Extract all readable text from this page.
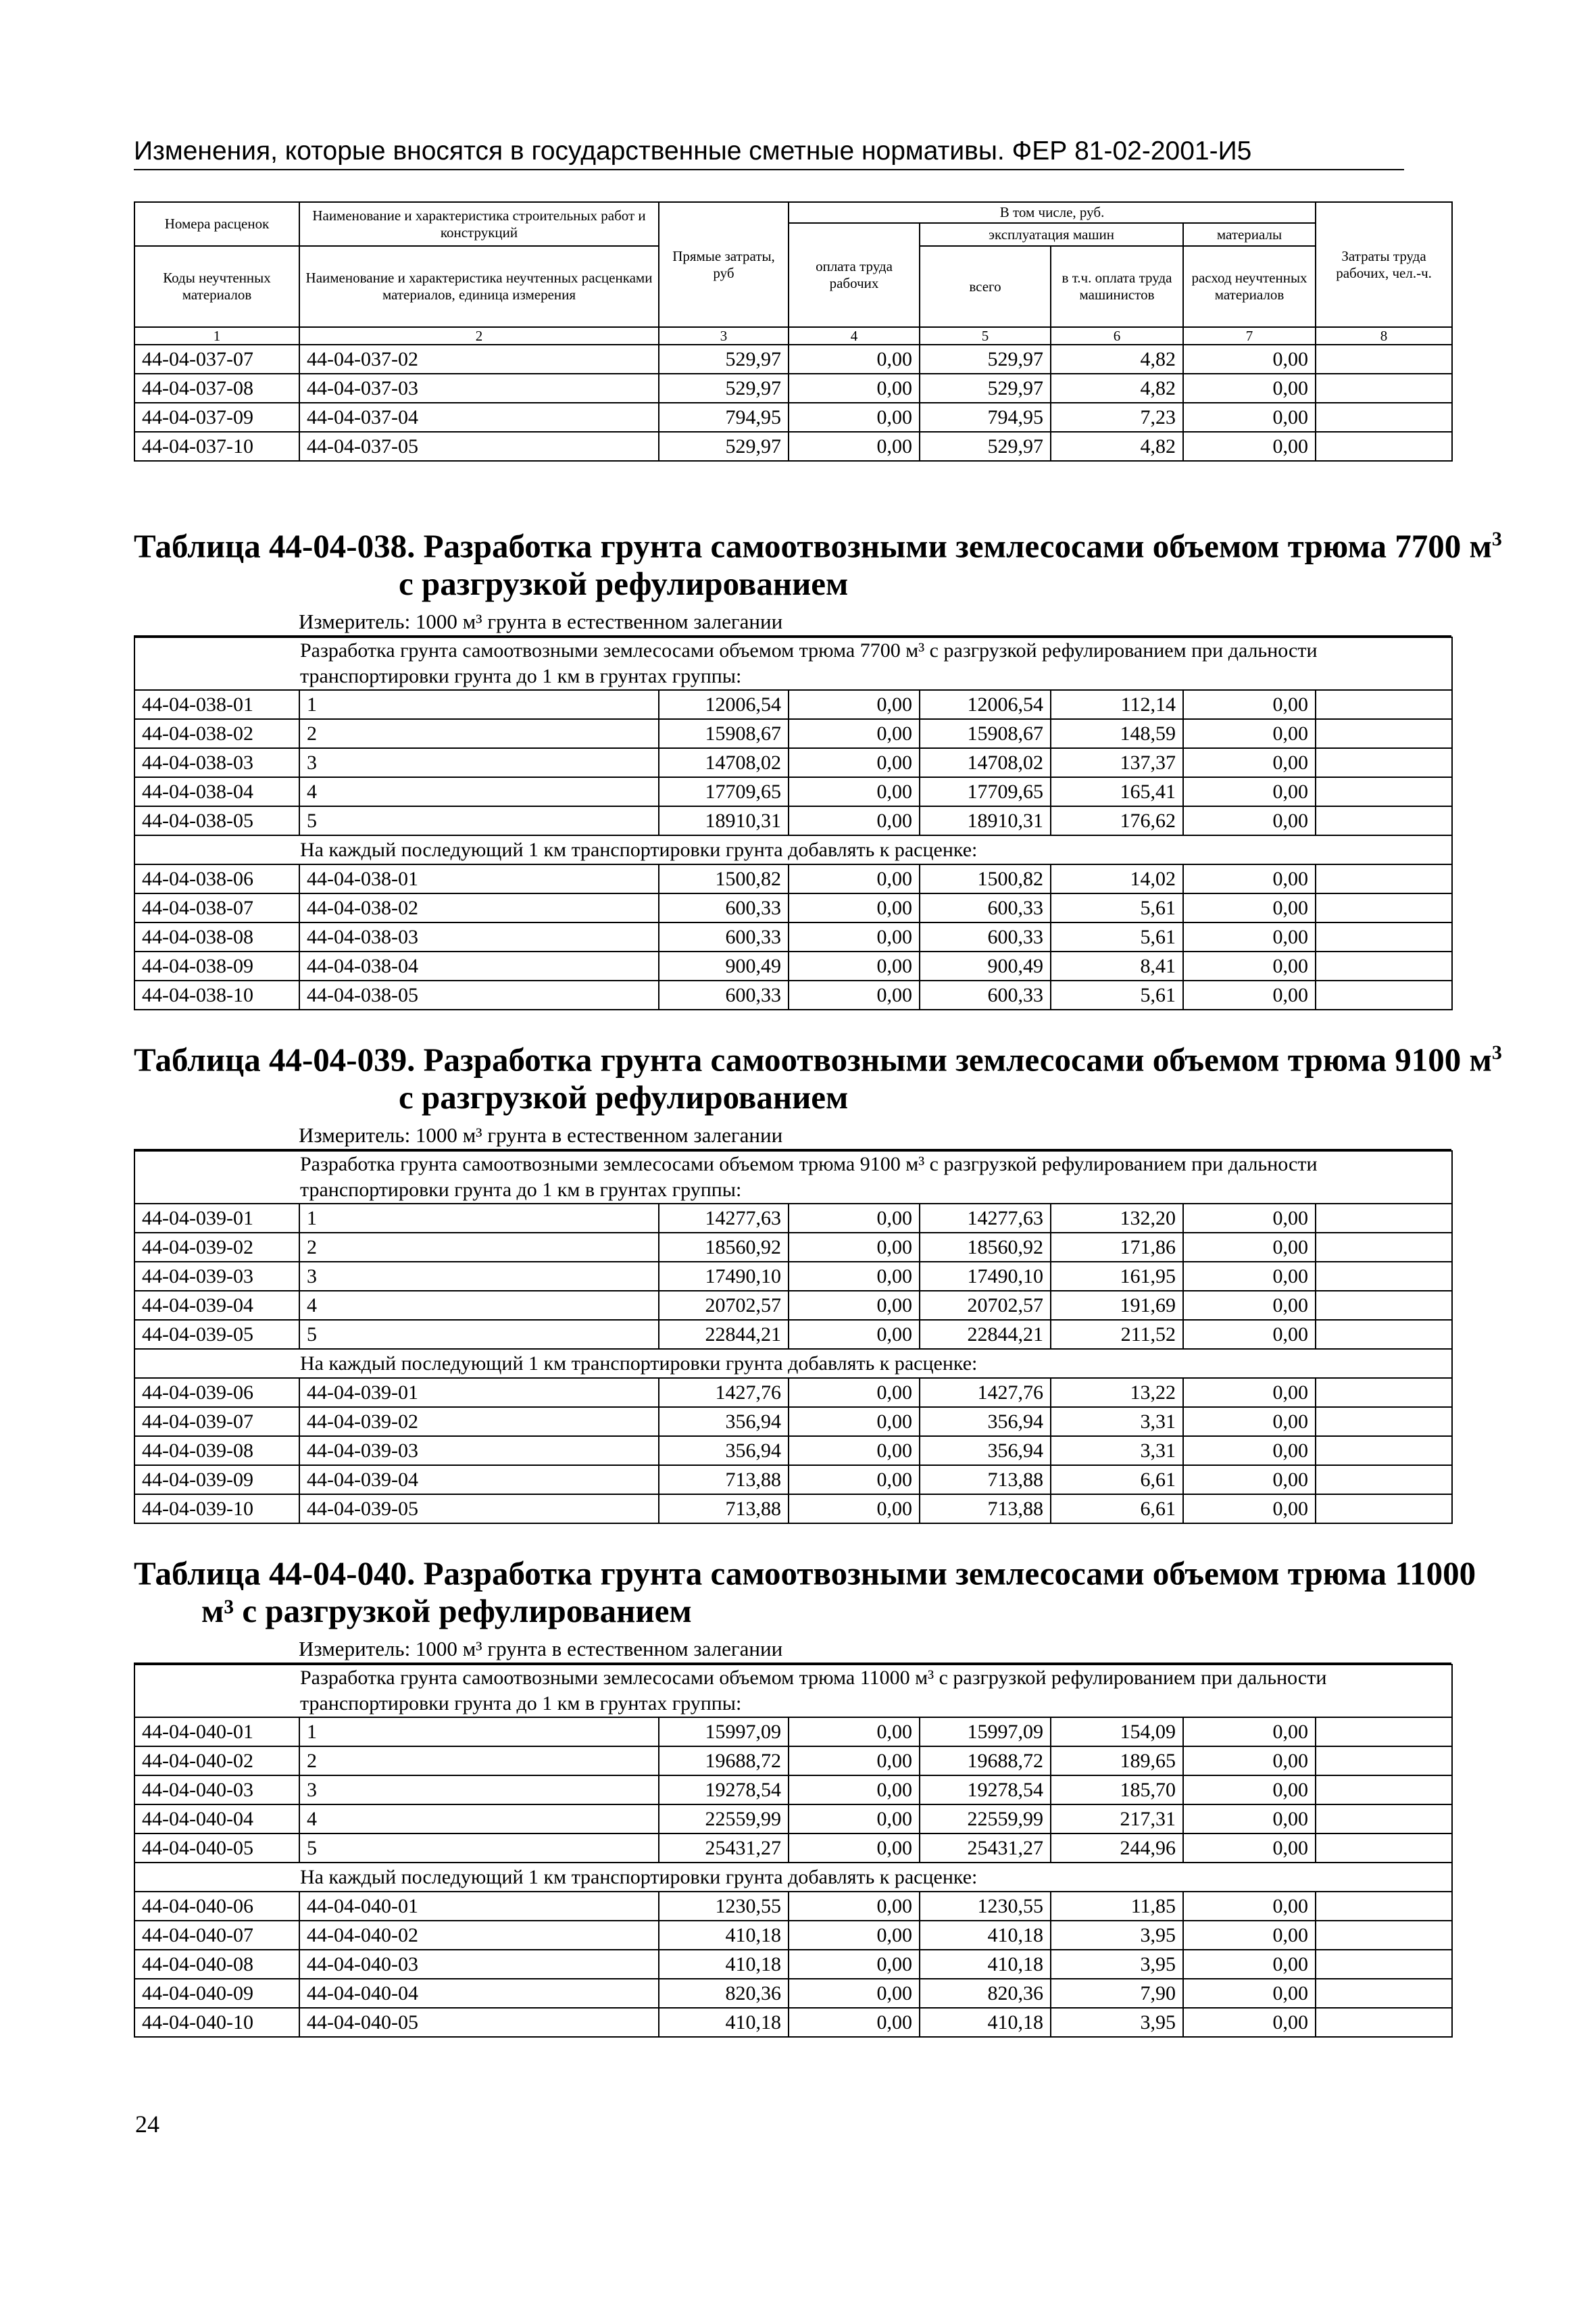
Изменения, которые вносятся в государственные сметные нормативы. ФЕР 81-02-2001-И5
Номера расценок	Наименование и характеристика строительных работ и конструкций	Прямые затраты, руб	В том числе, руб.				Затраты труда рабочих, чел.-ч.
			оплата труда рабочих	эксплуатация машин		материалы	
Коды неучтенных материалов	Наименование и характеристика неучтенных расценками материалов, единица измерения			всего	в т.ч. оплата труда машинистов	расход неучтенных материалов	

1	2	3	4	5	6	7	8
44-04-037-07	44-04-037-02	529,97	0,00	529,97	4,82	0,00	
44-04-037-08	44-04-037-03	529,97	0,00	529,97	4,82	0,00	
44-04-037-09	44-04-037-04	794,95	0,00	794,95	7,23	0,00	
44-04-037-10	44-04-037-05	529,97	0,00	529,97	4,82	0,00	
Таблица 44-04-038. Разработка грунта самоотвозными землесосами объемом трюма 7700 $м^3$
с разгрузкой рефулированием
Измеритель: 1000 м³ грунта в естественном залегании
Разработка грунта самоотвозными землесосами объемом трюма 7700 м³ с разгрузкой рефулированием при дальности транспортировки грунта до 1 км в грунтах группы:							
44-04-038-01	1	12006,54	0,00	12006,54	112,14	0,00	
44-04-038-02	2	15908,67	0,00	15908,67	148,59	0,00	
44-04-038-03	3	14708,02	0,00	14708,02	137,37	0,00	
44-04-038-04	4	17709,65	0,00	17709,65	165,41	0,00	
44-04-038-05	5	18910,31	0,00	18910,31	176,62	0,00	
На каждый последующий 1 км транспортировки грунта добавлять к расценке:							
44-04-038-06	44-04-038-01	1500,82	0,00	1500,82	14,02	0,00	
44-04-038-07	44-04-038-02	600,33	0,00	600,33	5,61	0,00	
44-04-038-08	44-04-038-03	600,33	0,00	600,33	5,61	0,00	
44-04-038-09	44-04-038-04	900,49	0,00	900,49	8,41	0,00	
44-04-038-10	44-04-038-05	600,33	0,00	600,33	5,61	0,00	
Таблица 44-04-039. Разработка грунта самоотвозными землесосами объемом трюма 9100 $м^3$
с разгрузкой рефулированием
Измеритель: 1000 м³ грунта в естественном залегании
Разработка грунта самоотвозными землесосами объемом трюма 9100 м³ с разгрузкой рефулированием при дальности транспортировки грунта до 1 км в грунтах группы:							
44-04-039-01	1	14277,63	0,00	14277,63	132,20	0,00	
44-04-039-02	2	18560,92	0,00	18560,92	171,86	0,00	
44-04-039-03	3	17490,10	0,00	17490,10	161,95	0,00	
44-04-039-04	4	20702,57	0,00	20702,57	191,69	0,00	
44-04-039-05	5	22844,21	0,00	22844,21	211,52	0,00	
На каждый последующий 1 км транспортировки грунта добавлять к расценке:							
44-04-039-06	44-04-039-01	1427,76	0,00	1427,76	13,22	0,00	
44-04-039-07	44-04-039-02	356,94	0,00	356,94	3,31	0,00	
44-04-039-08	44-04-039-03	356,94	0,00	356,94	3,31	0,00	
44-04-039-09	44-04-039-04	713,88	0,00	713,88	6,61	0,00	
44-04-039-10	44-04-039-05	713,88	0,00	713,88	6,61	0,00	
Таблица 44-04-040. Разработка грунта самоотвозными землесосами объемом трюма 11000
м³ с разгрузкой рефулированием
Измеритель: 1000 м³ грунта в естественном залегании
Разработка грунта самоотвозными землесосами объемом трюма 11000 м³ с разгрузкой рефулированием при дальности транспортировки грунта до 1 км в грунтах группы:							
44-04-040-01	1	15997,09	0,00	15997,09	154,09	0,00	
44-04-040-02	2	19688,72	0,00	19688,72	189,65	0,00	
44-04-040-03	3	19278,54	0,00	19278,54	185,70	0,00	
44-04-040-04	4	22559,99	0,00	22559,99	217,31	0,00	
44-04-040-05	5	25431,27	0,00	25431,27	244,96	0,00	
На каждый последующий 1 км транспортировки грунта добавлять к расценке:							
44-04-040-06	44-04-040-01	1230,55	0,00	1230,55	11,85	0,00	
44-04-040-07	44-04-040-02	410,18	0,00	410,18	3,95	0,00	
44-04-040-08	44-04-040-03	410,18	0,00	410,18	3,95	0,00	
44-04-040-09	44-04-040-04	820,36	0,00	820,36	7,90	0,00	
44-04-040-10	44-04-040-05	410,18	0,00	410,18	3,95	0,00	
24
